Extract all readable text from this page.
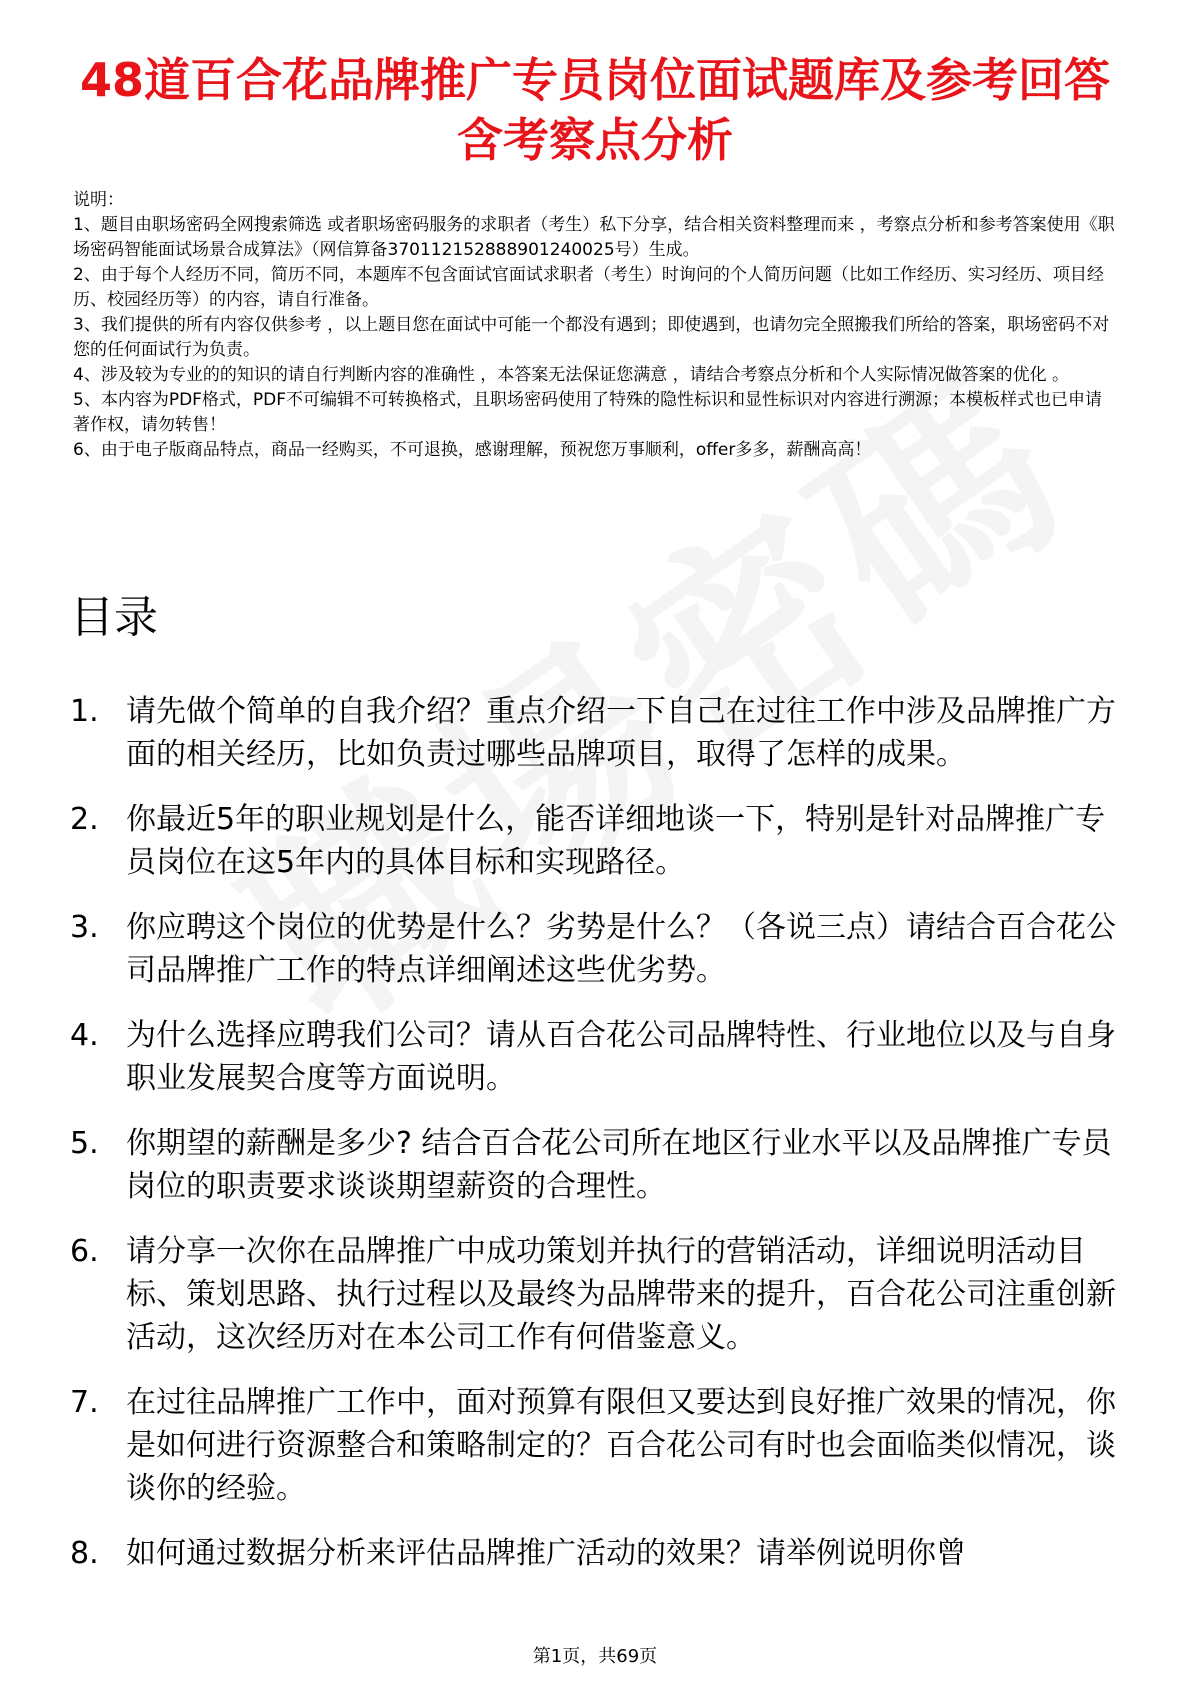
48道百合花品牌推广专员岗位面试题库及参考回答含考察点分析

说明：

1、题目由职场密码全网搜索筛选 或者职场密码服务的求职者（考生）私下分享，结合相关资料整理而来 ，考察点分析和参考答案使用《职场密码智能面试场景合成算法》（网信算备370112152888901240025号）生成。

2、由于每个人经历不同，简历不同，本题库不包含面试官面试求职者（考生）时询问的个人简历问题（比如工作经历、实习经历、项目经历、校园经历等）的内容，请自行准备。

3、我们提供的所有内容仅供参考 ，以上题目您在面试中可能一个都没有遇到；即使遇到，也请勿完全照搬我们所给的答案，职场密码不对您的任何面试行为负责。

4、涉及较为专业的的知识的请自行判断内容的准确性 ，本答案无法保证您满意 ，请结合考察点分析和个人实际情况做答案的优化 。

5、本内容为PDF格式，PDF不可编辑不可转换格式，且职场密码使用了特殊的隐性标识和显性标识对内容进行溯源；本模板样式也已申请著作权，请勿转售！

6、由于电子版商品特点，商品一经购买，不可退换，感谢理解，预祝您万事顺利，offer多多，薪酬高高！

目录
1. 请先做个简单的自我介绍？重点介绍一下自己在过往工作中涉及品牌推广方面的相关经历，比如负责过哪些品牌项目，取得了怎样的成果。
2. 你最近5年的职业规划是什么，能否详细地谈一下，特别是针对品牌推广专员岗位在这5年内的具体目标和实现路径。
3. 你应聘这个岗位的优势是什么？劣势是什么？（各说三点）请结合百合花公司品牌推广工作的特点详细阐述这些优劣势。
4. 为什么选择应聘我们公司？请从百合花公司品牌特性、行业地位以及与自身职业发展契合度等方面说明。
5. 你期望的薪酬是多少? 结合百合花公司所在地区行业水平以及品牌推广专员岗位的职责要求谈谈期望薪资的合理性。
6. 请分享一次你在品牌推广中成功策划并执行的营销活动，详细说明活动目标、策划思路、执行过程以及最终为品牌带来的提升，百合花公司注重创新活动，这次经历对在本公司工作有何借鉴意义。
7. 在过往品牌推广工作中，面对预算有限但又要达到良好推广效果的情况，你是如何进行资源整合和策略制定的？百合花公司有时也会面临类似情况，谈谈你的经验。
8. 如何通过数据分析来评估品牌推广活动的效果？请举例说明你曾
第1页，共69页
